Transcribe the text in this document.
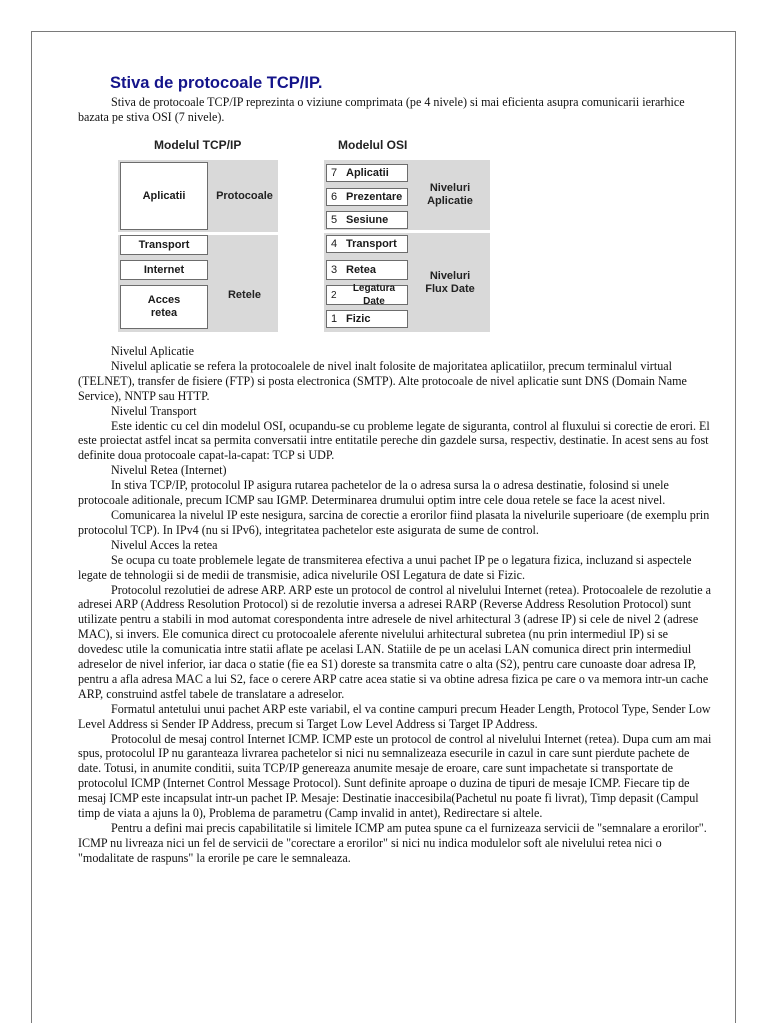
Stiva de protocoale TCP/IP.

Stiva de protocoale TCP/IP reprezinta o viziune comprimata (pe 4 nivele) si mai eficienta asupra comunicarii ierarhice bazata pe stiva OSI (7 nivele).

Modelul TCP/IP	Modelul OSI
Protocoale
Retele
Aplicatii
Transport
Internet
Acces
retea
Niveluri
Aplicatie
Niveluri
Flux Date
7 Aplicatii
6 Prezentare
5 Sesiune
4 Transport
3 Retea
2
Legatura Date
1 Fizic

Nivelul Aplicatie

Nivelul aplicatie se refera la protocoalele de nivel inalt folosite de majoritatea aplicatiilor, precum terminalul virtual (TELNET), transfer de fisiere (FTP) si posta electronica (SMTP). Alte protocoale de nivel aplicatie sunt DNS (Domain Name Service), NNTP sau HTTP.

Nivelul Transport

Este identic cu cel din modelul OSI, ocupandu-se cu probleme legate de siguranta, control al fluxului si corectie de erori. El este proiectat astfel incat sa permita conversatii intre entitatile pereche din gazdele sursa, respectiv, destinatie. In acest sens au fost definite doua protocoale capat-la-capat: TCP si UDP.

Nivelul Retea (Internet)

In stiva TCP/IP, protocolul IP asigura rutarea pachetelor de la o adresa sursa la o adresa destinatie, folosind si unele protocoale aditionale, precum ICMP sau IGMP. Determinarea drumului optim intre cele doua retele se face la acest nivel.

Comunicarea la nivelul IP este nesigura, sarcina de corectie a erorilor fiind plasata la nivelurile superioare (de exemplu prin protocolul TCP). In IPv4 (nu si IPv6), integritatea pachetelor este asigurata de sume de control.

Nivelul Acces la retea

Se ocupa cu toate problemele legate de transmiterea efectiva a unui pachet IP pe o legatura fizica, incluzand si aspectele legate de tehnologii si de medii de transmisie, adica nivelurile OSI Legatura de date si Fizic.

Protocolul rezolutiei de adrese ARP. ARP este un protocol de control al nivelului Internet (retea). Protocoalele de rezolutie a adresei ARP (Address Resolution Protocol) si de rezolutie inversa a adresei RARP (Reverse Address Resolution Protocol) sunt utilizate pentru a stabili in mod automat corespondenta intre adresele de nivel arhitectural 3 (adrese IP) si cele de nivel 2 (adrese MAC), si invers. Ele comunica direct cu protocoalele aferente nivelului arhitectural subretea (nu prin intermediul IP) si se dovedesc utile la comunicatia intre statii aflate pe acelasi LAN. Statiile de pe un acelasi LAN comunica direct prin intermediul adreselor de nivel inferior, iar daca o statie (fie ea S1) doreste sa transmita catre o alta (S2), pentru care cunoaste doar adresa IP, pentru a afla adresa MAC a lui S2, face o cerere ARP catre acea statie si va obtine adresa fizica pe care o va memora intr-un cache ARP, construind astfel tabele de translatare a adreselor.

Formatul antetului unui pachet ARP este variabil, el va contine campuri precum Header Length, Protocol Type, Sender Low Level Address si Sender IP Address, precum si Target Low Level Address si Target IP Address.

Protocolul de mesaj control Internet ICMP. ICMP este un protocol de control al nivelului Internet (retea). Dupa cum am mai spus, protocolul IP nu garanteaza livrarea pachetelor si nici nu semnalizeaza esecurile in cazul in care sunt pierdute pachete de date. Totusi, in anumite conditii, suita TCP/IP genereaza anumite mesaje de eroare, care sunt impachetate si transportate de protocolul ICMP (Internet Control Message Protocol). Sunt definite aproape o duzina de tipuri de mesaje ICMP. Fiecare tip de mesaj ICMP este incapsulat intr-un pachet IP. Mesaje: Destinatie inaccesibila(Pachetul nu poate fi livrat), Timp depasit (Campul timp de viata a ajuns la 0), Problema de parametru (Camp invalid in antet), Redirectare si altele.

Pentru a defini mai precis capabilitatile si limitele ICMP am putea spune ca el furnizeaza servicii de "semnalare a erorilor". ICMP nu livreaza nici un fel de servicii de "corectare a erorilor" si nici nu indica modulelor soft ale nivelului retea nici o "modalitate de raspuns" la erorile pe care le semnaleaza.
